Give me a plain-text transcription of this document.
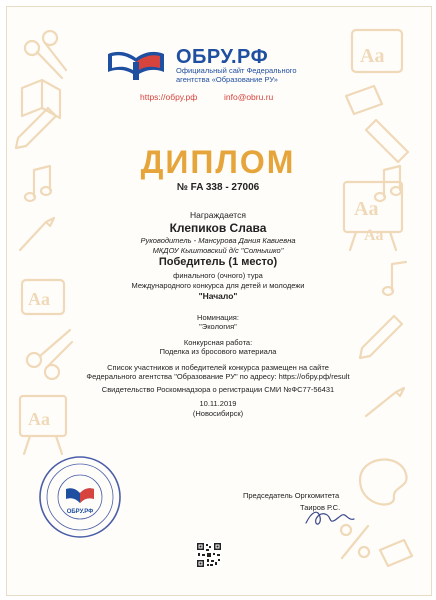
Aa
Aa
Aa
Aa
Aa
ОБРУ.РФ
Официальный сайт Федерального агентства «Образование РУ»
https://обру.рф	info@obru.ru
ДИПЛОМ
№ FA 338 - 27006
Награждается
Клепиков Слава
Руководитель - Мансурова Дания Кавиевна
МКДОУ Кыштовский д/с "Солнышко"
Победитель (1 место)
финального (очного) тура
Международного конкурса для детей и молодежи
"Начало"
Номинация:
"Экология"
Конкурсная работа:
Поделка из бросового материала
Список участников и победителей конкурса размещен на сайте
Федерального агентства "Образование РУ" по адресу: https://обру.рф/result
Свидетельство Роскомнадзора о регистрации СМИ №ФС77-56431
10.11.2019
(Новосибирск)
ОБРУ.РФ
Председатель Оргкомитета
Таиров Р.С.
